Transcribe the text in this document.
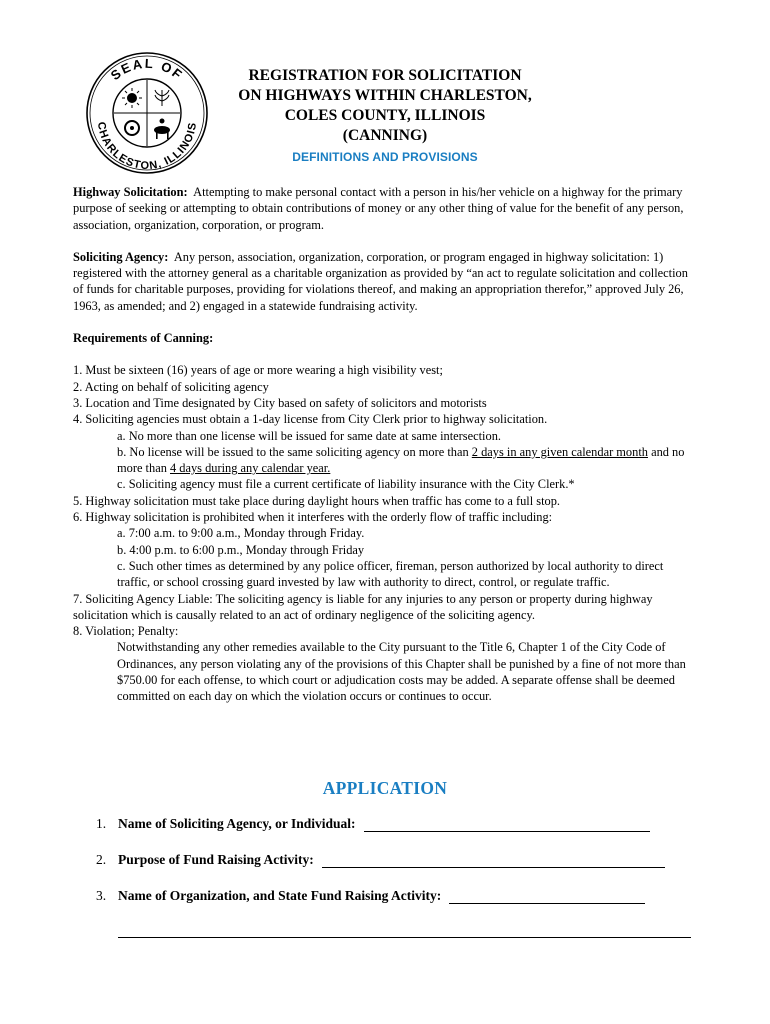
SEAL OF
CHARLESTON, ILLINOIS
REGISTRATION FOR SOLICITATION
ON HIGHWAYS WITHIN CHARLESTON,
COLES COUNTY, ILLINOIS
(CANNING)
DEFINITIONS AND PROVISIONS

Highway Solicitation: Attempting to make personal contact with a person in his/her vehicle on a highway for the primary purpose of seeking or attempting to obtain contributions of money or any other thing of value for the benefit of any person, association, organization, corporation, or program.

Soliciting Agency: Any person, association, organization, corporation, or program engaged in highway solicitation: 1) registered with the attorney general as a charitable organization as provided by “an act to regulate solicitation and collection of funds for charitable purposes, providing for violations thereof, and making an appropriation therefor,” approved July 26, 1963, as amended; and 2) engaged in a statewide fundraising activity.

Requirements of Canning:
1. Must be sixteen (16) years of age or more wearing a high visibility vest;
2. Acting on behalf of soliciting agency
3. Location and Time designated by City based on safety of solicitors and motorists
4. Soliciting agencies must obtain a 1-day license from City Clerk prior to highway solicitation.
a. No more than one license will be issued for same date at same intersection.
b. No license will be issued to the same soliciting agency on more than 2 days in any given calendar month and no more than 4 days during any calendar year.
c. Soliciting agency must file a current certificate of liability insurance with the City Clerk.*
5. Highway solicitation must take place during daylight hours when traffic has come to a full stop.
6. Highway solicitation is prohibited when it interferes with the orderly flow of traffic including:
a. 7:00 a.m. to 9:00 a.m., Monday through Friday.
b. 4:00 p.m. to 6:00 p.m., Monday through Friday
c. Such other times as determined by any police officer, fireman, person authorized by local authority to direct traffic, or school crossing guard invested by law with authority to direct, control, or regulate traffic.
7. Soliciting Agency Liable: The soliciting agency is liable for any injuries to any person or property during highway solicitation which is causally related to an act of ordinary negligence of the soliciting agency.
8. Violation; Penalty:
Notwithstanding any other remedies available to the City pursuant to the Title 6, Chapter 1 of the City Code of Ordinances, any person violating any of the provisions of this Chapter shall be punished by a fine of not more than $750.00 for each offense, to which court or adjudication costs may be added. A separate offense shall be deemed committed on each day on which the violation occurs or continues to occur.
APPLICATION
1. Name of Soliciting Agency, or Individual:
2. Purpose of Fund Raising Activity:
3. Name of Organization, and State Fund Raising Activity:
